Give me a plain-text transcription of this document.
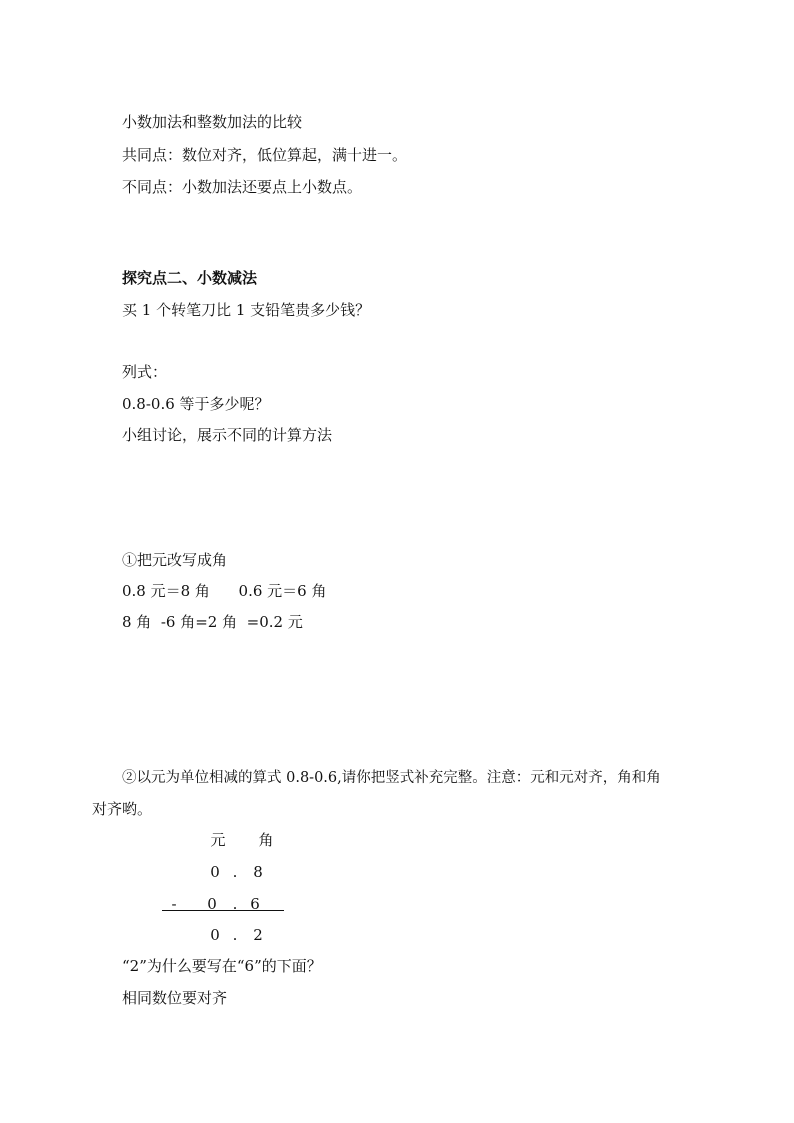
小数加法和整数加法的比较
共同点：数位对齐，低位算起，满十进一。
不同点：小数加法还要点上小数点。
探究点二、小数减法
买 1 个转笔刀比 1 支铅笔贵多少钱？
列式：
0.8-0.6 等于多少呢？
小组讨论，展示不同的计算方法
①把元改写成角
0.8 元＝8 角      0.6 元＝6 角
8 角  -6 角=2 角  =0.2 元
②以元为单位相减的算式 0.8-0.6,请你把竖式补充完整。注意：元和元对齐，角和角
对齐哟。
元 角
0 .	8
-	0	. 6
0 .	2
“2”为什么要写在“6”的下面？
相同数位要对齐
